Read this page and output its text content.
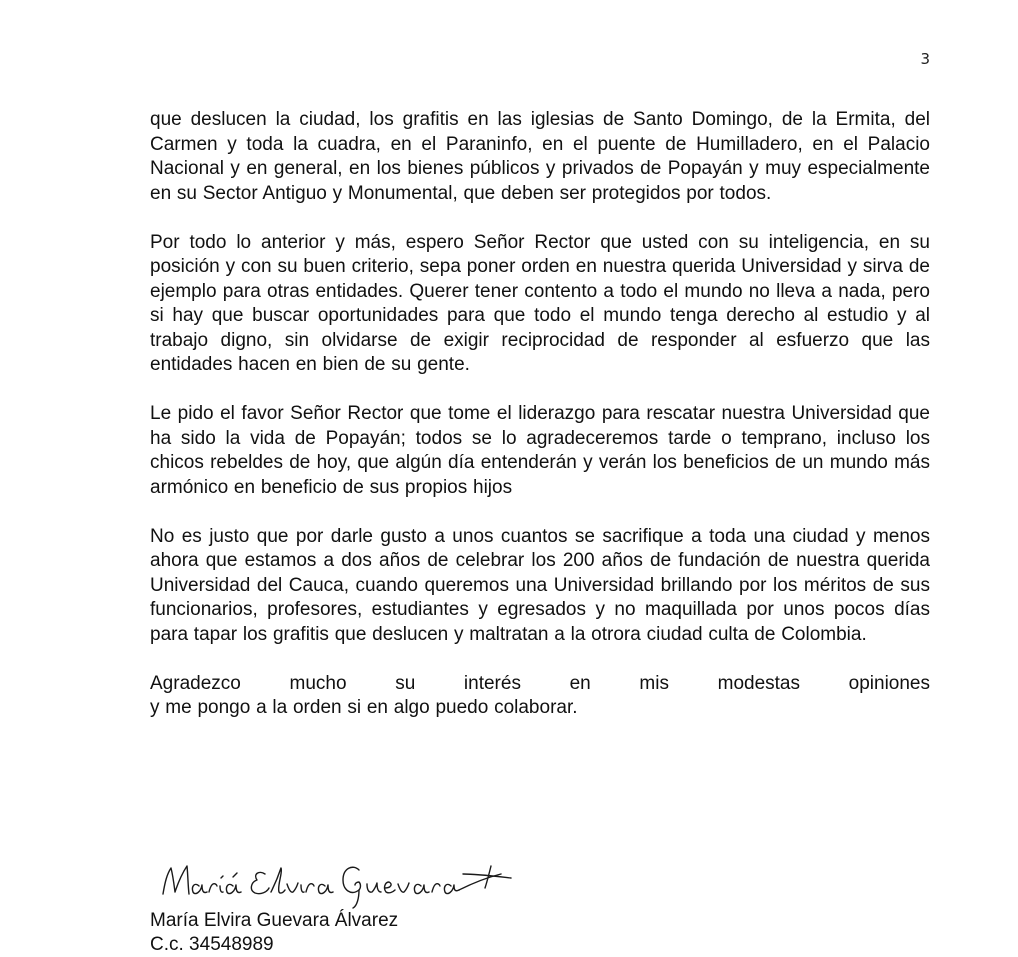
3

que deslucen la ciudad, los grafitis en las iglesias de Santo Domingo, de la Ermita, del Carmen y toda la cuadra, en el Paraninfo, en el puente de Humilladero, en el Palacio Nacional y en general, en los bienes públicos y privados de Popayán y muy especialmente en su Sector Antiguo y Monumental, que deben ser protegidos por todos.

Por todo lo anterior y más, espero Señor Rector que usted con su inteligencia, en su posición y con su buen criterio, sepa poner orden en nuestra querida Universidad y sirva de ejemplo para otras entidades. Querer tener contento a todo el mundo no lleva a nada, pero si hay que buscar oportunidades para que todo el mundo tenga derecho al estudio y al trabajo digno, sin olvidarse de exigir reciprocidad de responder al esfuerzo que las entidades hacen en bien de su gente.

Le pido el favor Señor Rector que tome el liderazgo para rescatar nuestra Universidad que ha sido la vida de Popayán; todos se lo agradeceremos tarde o temprano, incluso los chicos rebeldes de hoy, que algún día entenderán y verán los beneficios de un mundo más armónico en beneficio de sus propios hijos

No es justo que por darle gusto a unos cuantos se sacrifique a toda una ciudad y menos ahora que estamos a dos años de celebrar los 200 años de fundación de nuestra querida Universidad del Cauca, cuando queremos una Universidad brillando por los méritos de sus funcionarios, profesores, estudiantes y egresados y no maquillada por unos pocos días para tapar los grafitis que deslucen y maltratan a la otrora ciudad culta de Colombia.

Agradezco mucho su interés en mis modestas opiniones
y me pongo a la orden si en algo puedo colaborar.

María Elvira Guevara Álvarez
C.c. 34548989
